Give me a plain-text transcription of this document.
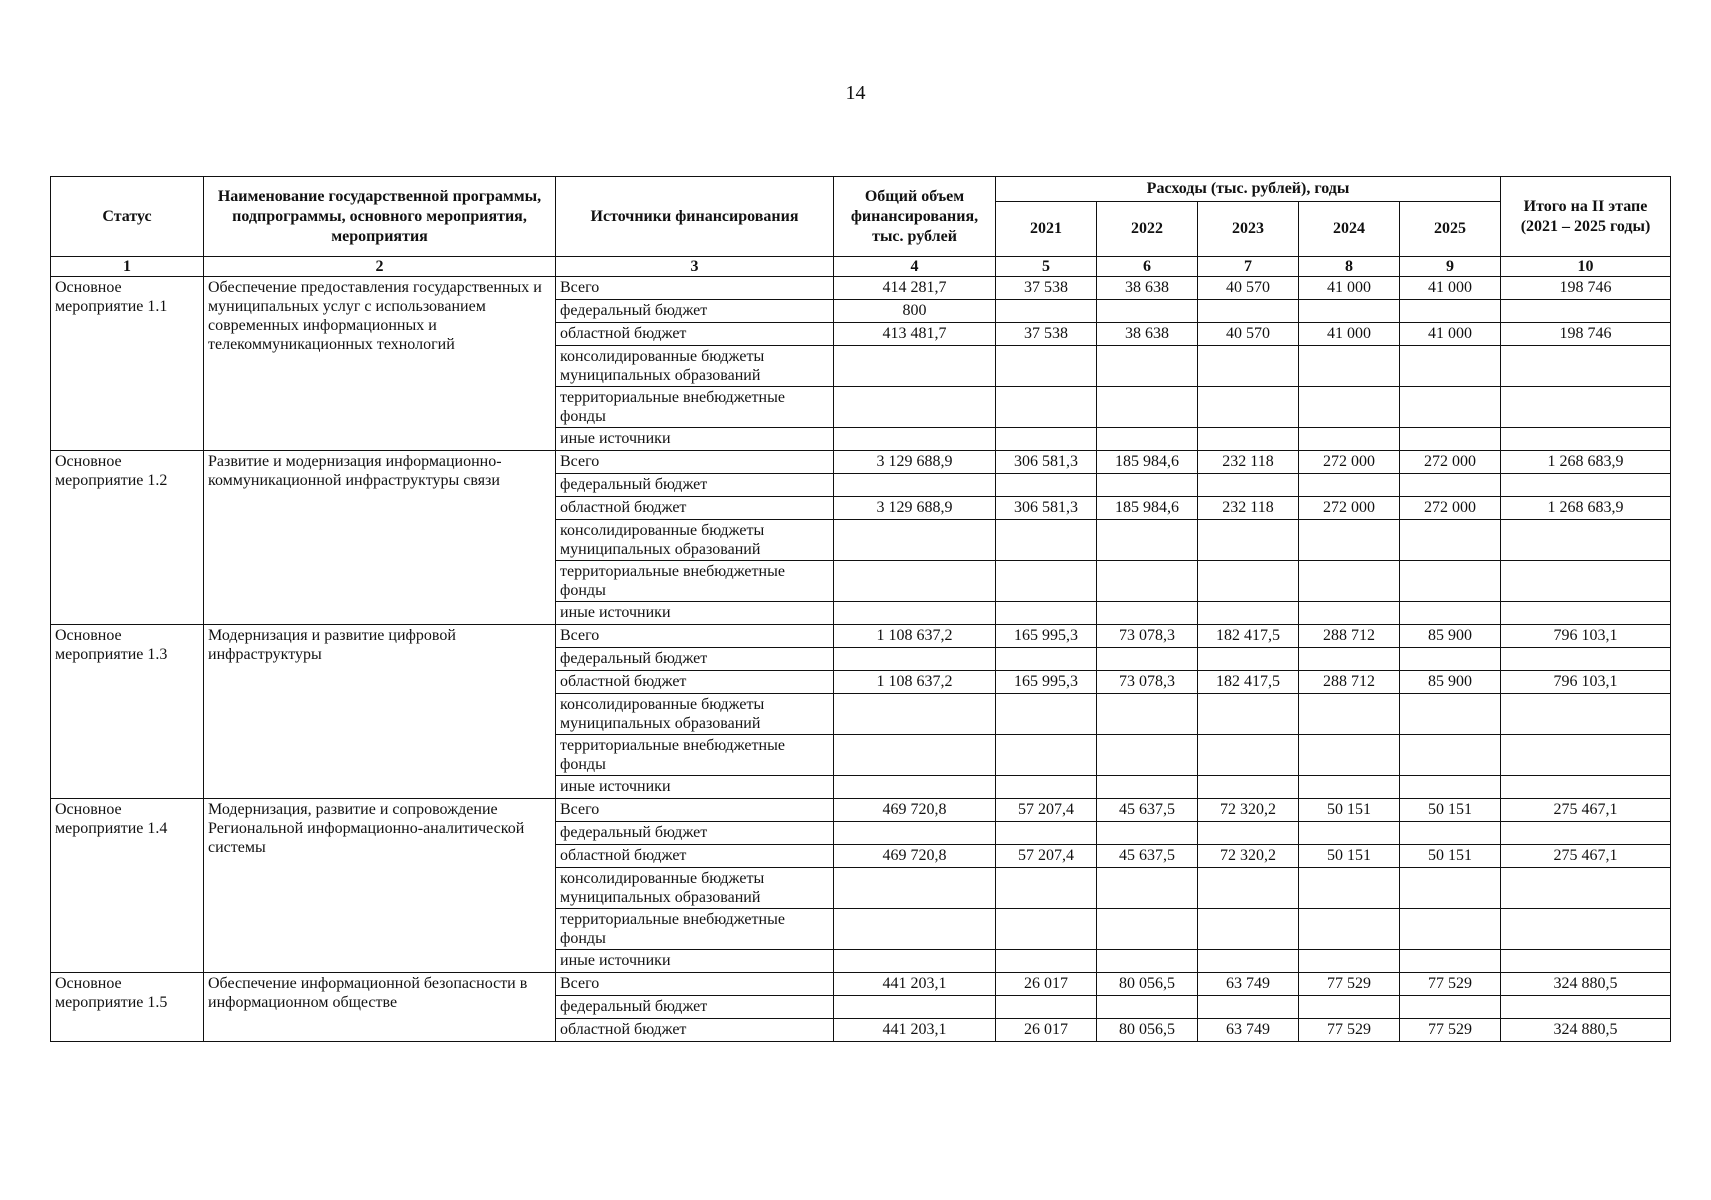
14
Статус	Наименование государственной программы, подпрограммы, основного мероприятия, мероприятия	Источники финансирования	Общий объем финансирования, тыс. рублей	Расходы (тыс. рублей), годы					Итого на II этапе (2021 – 2025 годы)
				2021	2022	2023	2024	2025	
1	2	3	4	5	6	7	8	9	10
Основное мероприятие 1.1	Обеспечение предоставления государственных и муниципальных услуг с использованием современных информационных и телекоммуникационных технологий	Всего	414 281,7	37 538	38 638	40 570	41 000	41 000	198 746
		федеральный бюджет	800						
		областной бюджет	413 481,7	37 538	38 638	40 570	41 000	41 000	198 746
		консолидированные бюджеты муниципальных образований							
		территориальные внебюджетные фонды							
		иные источники							
Основное мероприятие 1.2	Развитие и модернизация информационно-коммуникационной инфраструктуры связи	Всего	3 129 688,9	306 581,3	185 984,6	232 118	272 000	272 000	1 268 683,9
		федеральный бюджет							
		областной бюджет	3 129 688,9	306 581,3	185 984,6	232 118	272 000	272 000	1 268 683,9
		консолидированные бюджеты муниципальных образований							
		территориальные внебюджетные фонды							
		иные источники							
Основное мероприятие 1.3	Модернизация и развитие цифровой инфраструктуры	Всего	1 108 637,2	165 995,3	73 078,3	182 417,5	288 712	85 900	796 103,1
		федеральный бюджет							
		областной бюджет	1 108 637,2	165 995,3	73 078,3	182 417,5	288 712	85 900	796 103,1
		консолидированные бюджеты муниципальных образований							
		территориальные внебюджетные фонды							
		иные источники							
Основное мероприятие 1.4	Модернизация, развитие и сопровождение Региональной информационно-аналитической системы	Всего	469 720,8	57 207,4	45 637,5	72 320,2	50 151	50 151	275 467,1
		федеральный бюджет							
		областной бюджет	469 720,8	57 207,4	45 637,5	72 320,2	50 151	50 151	275 467,1
		консолидированные бюджеты муниципальных образований							
		территориальные внебюджетные фонды							
		иные источники							
Основное мероприятие 1.5	Обеспечение информационной безопасности в информационном обществе	Всего	441 203,1	26 017	80 056,5	63 749	77 529	77 529	324 880,5
		федеральный бюджет							
		областной бюджет	441 203,1	26 017	80 056,5	63 749	77 529	77 529	324 880,5
